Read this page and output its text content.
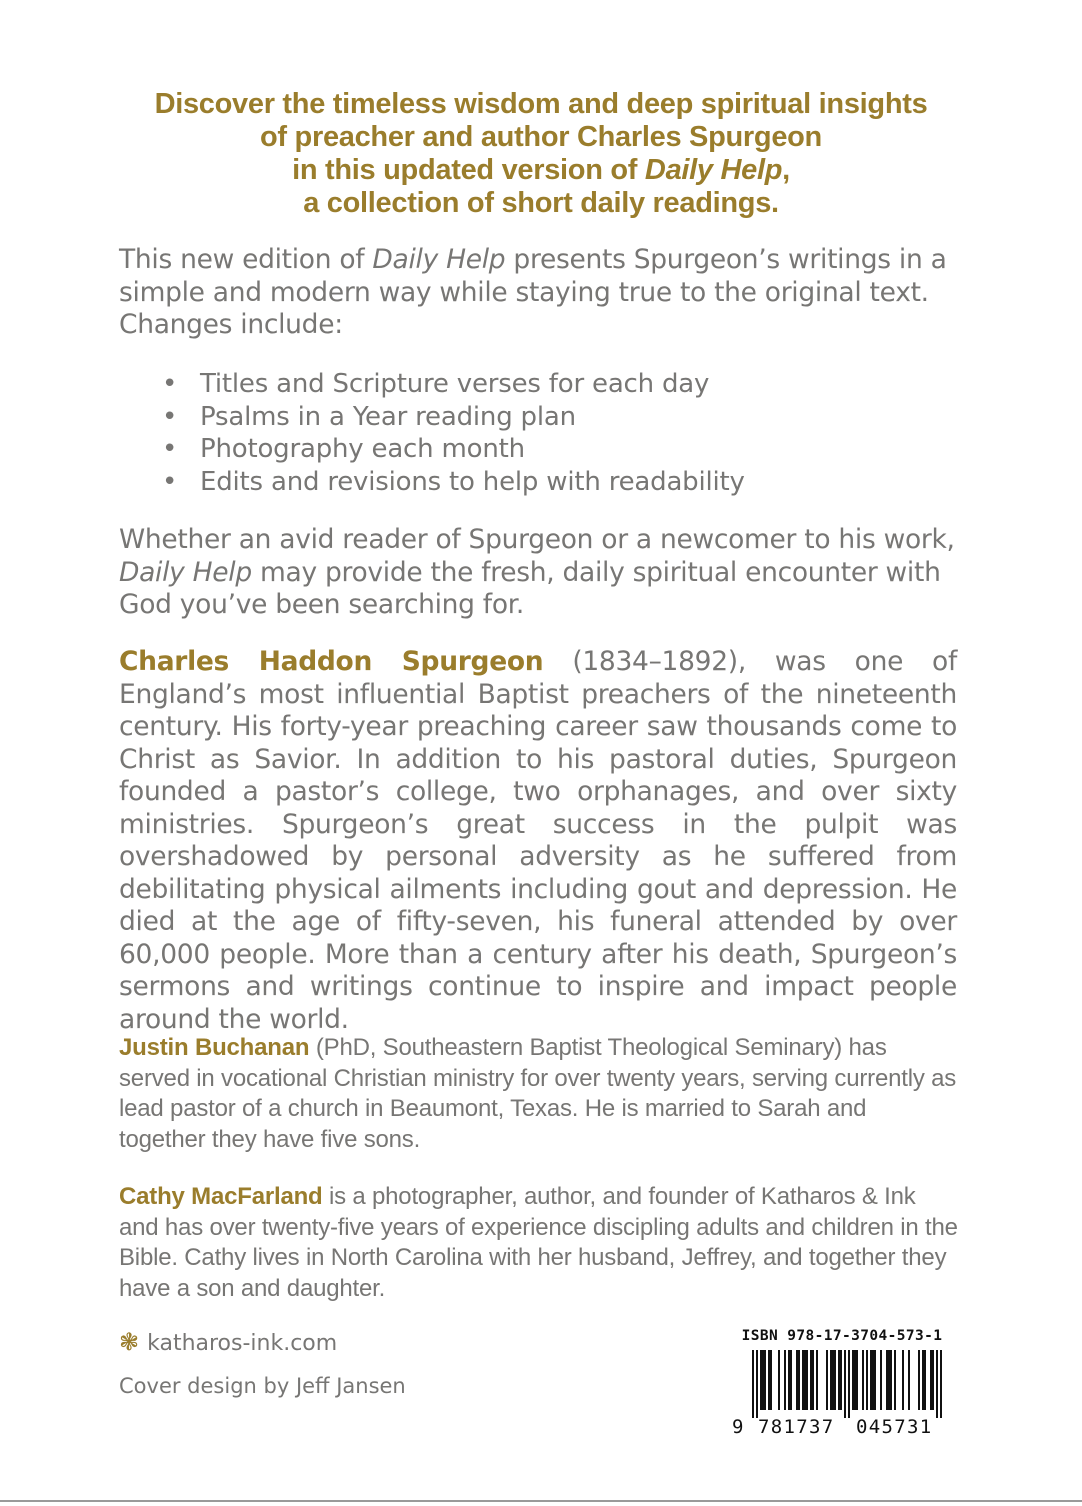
Discover the timeless wisdom and deep spiritual insights
of preacher and author Charles Spurgeon
in this updated version of Daily Help,
a collection of short daily readings.
This new edition of Daily Help presents Spurgeon’s writings in a simple and modern way while staying true to the original text. Changes include:
• Titles and Scripture verses for each day
• Psalms in a Year reading plan
• Photography each month
• Edits and revisions to help with readability
Whether an avid reader of Spurgeon or a newcomer to his work, Daily Help may provide the fresh, daily spiritual encounter with God you’ve been searching for.
Charles Haddon Spurgeon (1834–1892), was one of England’s most influential Baptist preachers of the nineteenth century. His forty-year preaching career saw thousands come to Christ as Savior. In addition to his pastoral duties, Spurgeon founded a pastor’s college, two orphanages, and over sixty ministries. Spurgeon’s great success in the pulpit was overshadowed by personal adversity as he suffered from debilitating physical ailments including gout and depression. He died at the age of fifty-seven, his funeral attended by over 60,000 people. More than a century after his death, Spurgeon’s sermons and writings continue to inspire and impact people around the world.
Justin Buchanan (PhD, Southeastern Baptist Theological Seminary) has served in vocational Christian ministry for over twenty years, serving currently as lead pastor of a church in Beaumont, Texas. He is married to Sarah and together they have five sons.
Cathy MacFarland is a photographer, author, and founder of Katharos & Ink and has over twenty-five years of experience discipling adults and children in the Bible. Cathy lives in North Carolina with her husband, Jeffrey, and together they have a son and daughter.
❃ katharos-ink.com
Cover design by Jeff Jansen
ISBN 978-17-3704-573-1
9 781737 045731
